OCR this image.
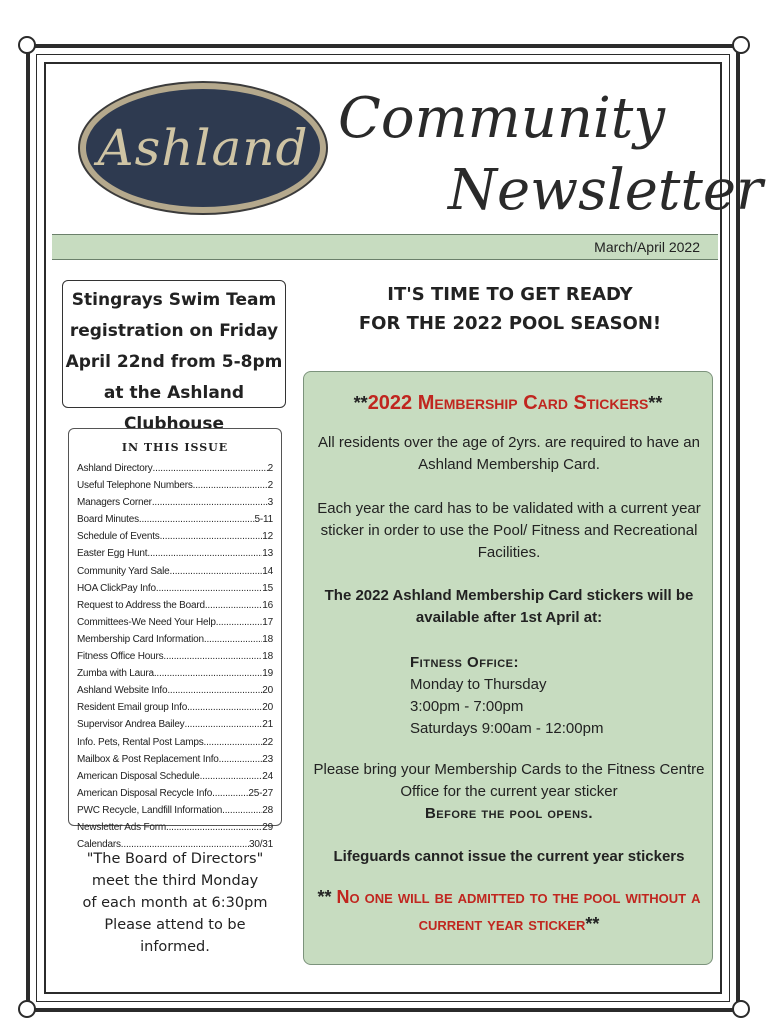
Ashland Community
Newsletter
March/April 2022
Stingrays Swim Team
registration on Friday
April 22nd from 5-8pm
at the Ashland Clubhouse
IN THIS ISSUE
Ashland Directory .....	2
Useful Telephone Numbers .....	2
Managers Corner .....	3
Board Minutes .....	5-11
Schedule of Events .....	12
Easter Egg Hunt .....	13
Community Yard Sale .....	14
HOA ClickPay Info .....	15
Request to Address the Board .....	16
Committees-We Need Your Help .....	17
Membership Card Information .....	18
Fitness Office Hours .....	18
Zumba with Laura .....	19
Ashland Website Info .....	20
Resident Email group Info .....	20
Supervisor Andrea Bailey .....	21
Info. Pets, Rental Post Lamps .....	22
Mailbox & Post Replacement Info .....	23
American Disposal Schedule .....	24
American Disposal Recycle Info .....	25-27
PWC Recycle, Landfill Information .....	28
Newsletter Ads Form .....	29
Calendars .....	30/31
"The Board of Directors"
meet the third Monday
of each month at 6:30pm
Please attend to be
informed.
IT'S TIME TO GET READY
FOR THE 2022 POOL SEASON!
**2022 Membership Card Stickers**
All residents over the age of 2yrs. are required to have an Ashland Membership Card.
Each year the card has to be validated with a current year sticker in order to use the Pool/ Fitness and Recreational Facilities.
The 2022 Ashland Membership Card stickers will be available after 1st April at:
Fitness Office:
Monday to Thursday
3:00pm - 7:00pm
Saturdays 9:00am - 12:00pm
Please bring your Membership Cards to the Fitness Centre Office for the current year sticker
Before the pool opens.
Lifeguards cannot issue the current year stickers
** No one will be admitted to the pool without a current year sticker**
